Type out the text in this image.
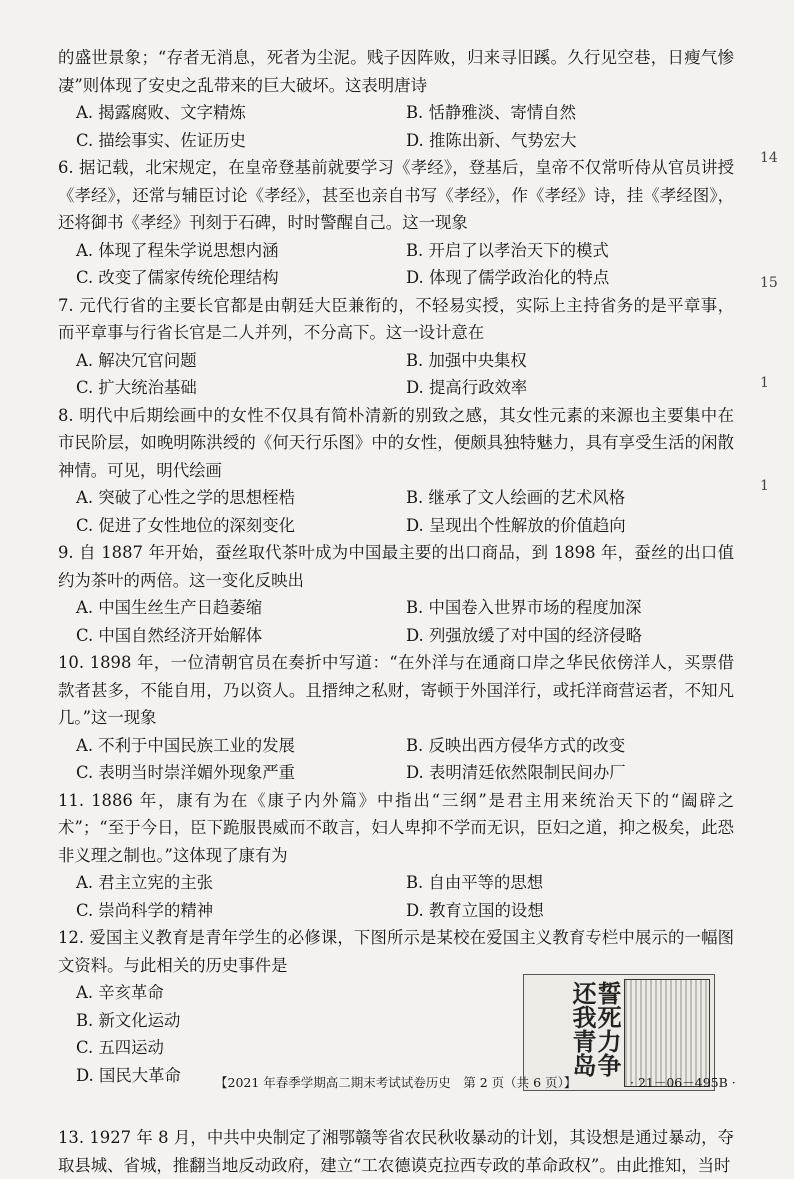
的盛世景象；“存者无消息，死者为尘泥。贱子因阵败，归来寻旧蹊。久行见空巷，日瘦气惨凄”则体现了安史之乱带来的巨大破坏。这表明唐诗

A. 揭露腐败、文字精炼	B. 恬静雅淡、寄情自然
C. 描绘事实、佐证历史	D. 推陈出新、气势宏大

6. 据记载，北宋规定，在皇帝登基前就要学习《孝经》，登基后，皇帝不仅常听侍从官员讲授《孝经》，还常与辅臣讨论《孝经》，甚至也亲自书写《孝经》，作《孝经》诗，挂《孝经图》，还将御书《孝经》刊刻于石碑，时时警醒自己。这一现象

A. 体现了程朱学说思想内涵	B. 开启了以孝治天下的模式
C. 改变了儒家传统伦理结构	D. 体现了儒学政治化的特点

7. 元代行省的主要长官都是由朝廷大臣兼衔的，不轻易实授，实际上主持省务的是平章事，而平章事与行省长官是二人并列，不分高下。这一设计意在

A. 解决冗官问题	B. 加强中央集权
C. 扩大统治基础	D. 提高行政效率

8. 明代中后期绘画中的女性不仅具有简朴清新的别致之感，其女性元素的来源也主要集中在市民阶层，如晚明陈洪绶的《何天行乐图》中的女性，便颇具独特魅力，具有享受生活的闲散神情。可见，明代绘画

A. 突破了心性之学的思想桎梏	B. 继承了文人绘画的艺术风格
C. 促进了女性地位的深刻变化	D. 呈现出个性解放的价值趋向

9. 自 1887 年开始，蚕丝取代茶叶成为中国最主要的出口商品，到 1898 年，蚕丝的出口值约为茶叶的两倍。这一变化反映出

A. 中国生丝生产日趋萎缩	B. 中国卷入世界市场的程度加深
C. 中国自然经济开始解体	D. 列强放缓了对中国的经济侵略

10. 1898 年，一位清朝官员在奏折中写道：“在外洋与在通商口岸之华民依傍洋人，买票借款者甚多，不能自用，乃以资人。且搢绅之私财，寄顿于外国洋行，或托洋商营运者，不知凡几。”这一现象

A. 不利于中国民族工业的发展	B. 反映出西方侵华方式的改变
C. 表明当时崇洋媚外现象严重	D. 表明清廷依然限制民间办厂

11. 1886 年，康有为在《康子内外篇》中指出“三纲”是君主用来统治天下的“阖辟之术”；“至于今日，臣下跪服畏威而不敢言，妇人卑抑不学而无识，臣妇之道，抑之极矣，此恐非义理之制也。”这体现了康有为

A. 君主立宪的主张	B. 自由平等的思想
C. 崇尚科学的精神	D. 教育立国的设想

12. 爱国主义教育是青年学生的必修课，下图所示是某校在爱国主义教育专栏中展示的一幅图文资料。与此相关的历史事件是

A. 辛亥革命
B. 新文化运动
C. 五四运动
D. 国民大革命	誓死力争
还我青岛

13. 1927 年 8 月，中共中央制定了湘鄂赣等省农民秋收暴动的计划，其设想是通过暴动，夺取县城、省城，推翻当地反动政府，建立“工农德谟克拉西专政的革命政权”。由此推知，当时

14
15
1
1
【2021 年春季学期高二期末考试试卷历史　第 2 页（共 6 页）】	· 21－06－495B ·
